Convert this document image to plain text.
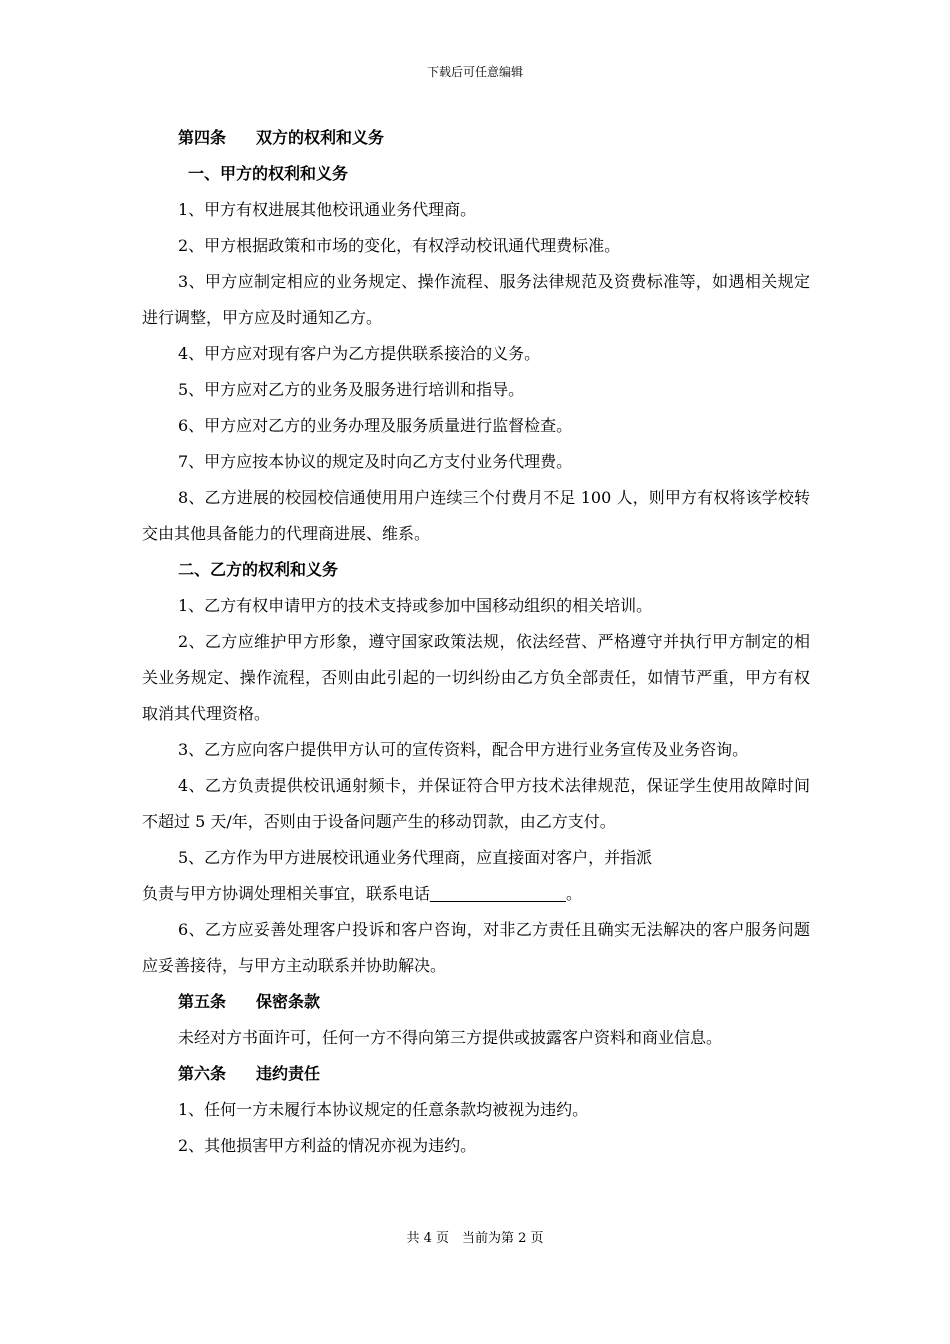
下载后可任意编辑

第四条 双方的权利和义务

一、甲方的权利和义务

1、甲方有权进展其他校讯通业务代理商。

2、甲方根据政策和市场的变化，有权浮动校讯通代理费标准。

3、甲方应制定相应的业务规定、操作流程、服务法律规范及资费标准等，如遇相关规定进行调整，甲方应及时通知乙方。

4、甲方应对现有客户为乙方提供联系接洽的义务。

5、甲方应对乙方的业务及服务进行培训和指导。

6、甲方应对乙方的业务办理及服务质量进行监督检查。

7、甲方应按本协议的规定及时向乙方支付业务代理费。

8、乙方进展的校园校信通使用用户连续三个付费月不足 100 人，则甲方有权将该学校转交由其他具备能力的代理商进展、维系。

二、乙方的权利和义务

1、乙方有权申请甲方的技术支持或参加中国移动组织的相关培训。

2、乙方应维护甲方形象，遵守国家政策法规，依法经营、严格遵守并执行甲方制定的相关业务规定、操作流程，否则由此引起的一切纠纷由乙方负全部责任，如情节严重，甲方有权取消其代理资格。

3、乙方应向客户提供甲方认可的宣传资料，配合甲方进行业务宣传及业务咨询。

4、乙方负责提供校讯通射频卡，并保证符合甲方技术法律规范，保证学生使用故障时间不超过 5 天/年，否则由于设备问题产生的移动罚款，由乙方支付。

5、乙方作为甲方进展校讯通业务代理商，应直接面对客户，并指派

负责与甲方协调处理相关事宜，联系电话	。

6、乙方应妥善处理客户投诉和客户咨询，对非乙方责任且确实无法解决的客户服务问题应妥善接待，与甲方主动联系并协助解决。

第五条 保密条款

未经对方书面许可，任何一方不得向第三方提供或披露客户资料和商业信息。

第六条 违约责任

1、任何一方未履行本协议规定的任意条款均被视为违约。

2、其他损害甲方利益的情况亦视为违约。

共 4 页　当前为第 2 页
